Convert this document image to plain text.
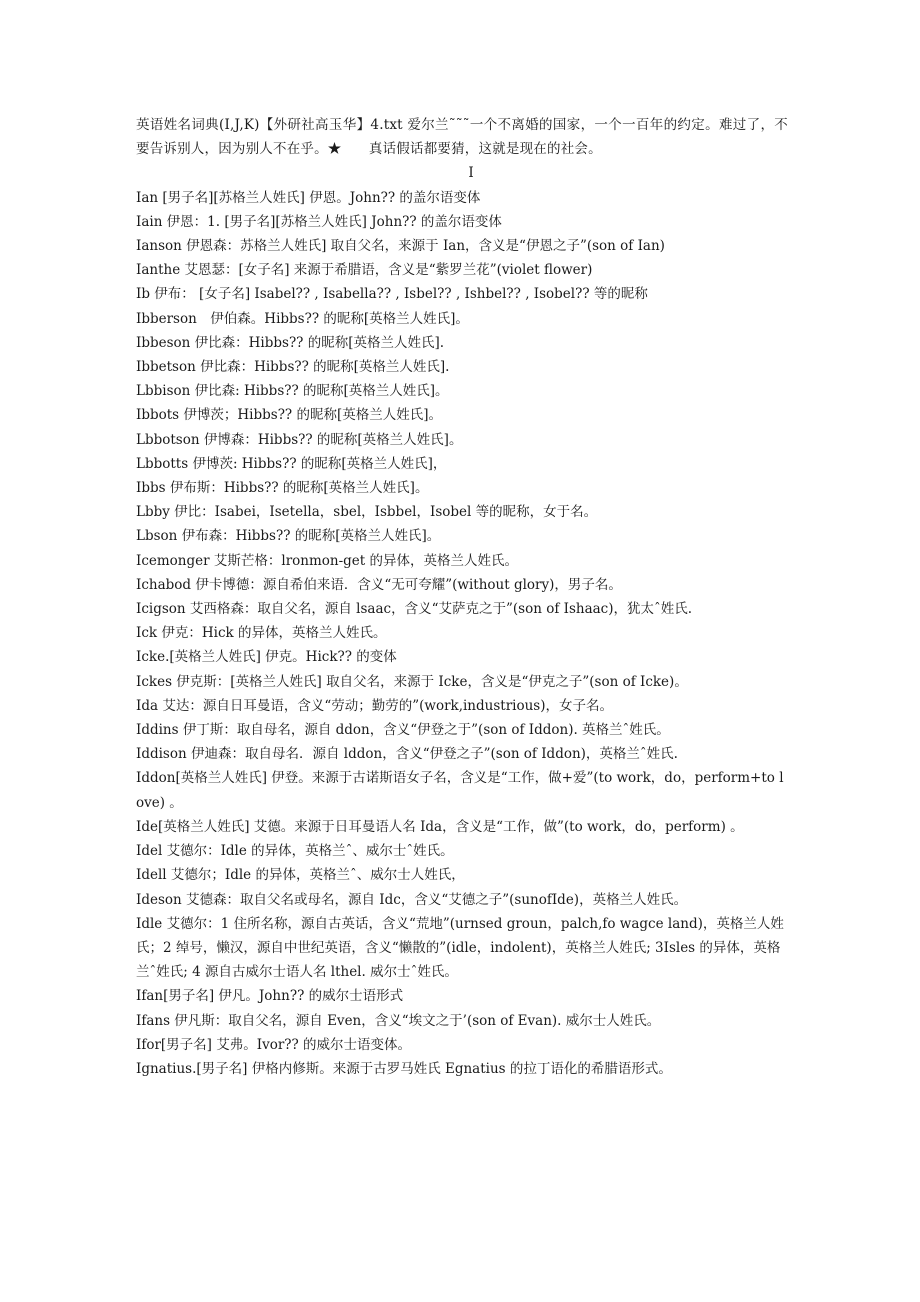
英语姓名词典(I,J,K)【外研社高玉华】4.txt 爱尔兰˜˜˜一个不离婚的国家，一个一百年的约定。难过了，不要告诉别人，因为别人不在乎。★　　真话假话都要猜，这就是现在的社会。
I

Ian [男子名][苏格兰人姓氏] 伊恩。John?? 的盖尔语变体

Iain 伊恩：1. [男子名][苏格兰人姓氏] John?? 的盖尔语变体

Ianson 伊恩森：苏格兰人姓氏] 取自父名，来源于 Ian，含义是“伊恩之子”(son of Ian)

Ianthe 艾恩瑟：[女子名] 来源于希腊语，含义是“紫罗兰花”(violet flower)

Ib 伊布： [女子名] Isabel?? , Isabella?? , Isbel?? , Ishbel?? , Isobel?? 等的昵称

Ibberson　伊伯森。Hibbs?? 的昵称[英格兰人姓氏]。

Ibbeson 伊比森：Hibbs?? 的昵称[英格兰人姓氏].

Ibbetson 伊比森：Hibbs?? 的昵称[英格兰人姓氏].

Lbbison 伊比森: Hibbs?? 的昵称[英格兰人姓氏]。

Ibbots 伊博茨；Hibbs?? 的昵称[英格兰人姓氏]。

Lbbotson 伊博森：Hibbs?? 的昵称[英格兰人姓氏]。

Lbbotts 伊博茨: Hibbs?? 的昵称[英格兰人姓氏]，

Ibbs 伊布斯：Hibbs?? 的昵称[英格兰人姓氏]。

Lbby 伊比：Isabei，Isetella，sbel，Isbbel，Isobel 等的昵称，女于名。

Lbson 伊布森：Hibbs?? 的昵称[英格兰人姓氏]。

Icemonger 艾斯芒格：lronmon-get 的异体，英格兰人姓氏。

Ichabod 伊卡博德：源自希伯来语．含义“无可夸耀”(without glory)，男子名。

Icigson 艾西格森：取自父名，源自 lsaac，含义“艾萨克之于”(son of Ishaac)，犹太ˆ姓氏.

Ick 伊克：Hick 的异体，英格兰人姓氏。

Icke.[英格兰人姓氏] 伊克。Hick?? 的变体

Ickes 伊克斯：[英格兰人姓氏] 取自父名，来源于 Icke，含义是“伊克之子”(son of Icke)。

Ida 艾达：源自日耳曼语，含义“劳动；勤劳的”(work,industrious)，女子名。

Iddins 伊丁斯：取自母名，源自 ddon，含义“伊登之于”(son of Iddon). 英格兰ˆ姓氏。

Iddison 伊迪森：取自母名．源自 lddon，含义“伊登之子”(son of Iddon)，英格兰ˆ姓氏.

Iddon[英格兰人姓氏] 伊登。来源于古诺斯语女子名，含义是“工作，做+爱”(to work，do，perform+to love) 。

Ide[英格兰人姓氏] 艾德。来源于日耳曼语人名 Ida，含义是“工作，做”(to work，do，perform) 。

Idel 艾德尔：Idle 的异体，英格兰ˆ、威尔士ˆ姓氏。

Idell 艾德尔；Idle 的异体，英格兰ˆ、威尔士人姓氏，

Ideson 艾德森：取自父名或母名，源自 Idc，含义“艾德之子”(sunofIde)，英格兰人姓氏。

Idle 艾德尔：1 住所名称，源自古英话，含义“荒地”(urnsed groun，palch,fo wagce land)，英格兰人姓氏；2 绰号，懒汉，源自中世纪英语，含义“懒散的”(idle，indolent)，英格兰人姓氏; 3Isles 的异体，英格兰ˆ姓氏; 4 源自古威尔士语人名 lthel. 威尔士ˆ姓氏。

Ifan[男子名] 伊凡。John?? 的威尔士语形式

Ifans 伊凡斯：取自父名，源自 Even，含义“埃文之于’(son of Evan). 威尔士人姓氏。

Ifor[男子名] 艾弗。Ivor?? 的威尔士语变体。

Ignatius.[男子名] 伊格内修斯。来源于古罗马姓氏 Egnatius 的拉丁语化的希腊语形式。
